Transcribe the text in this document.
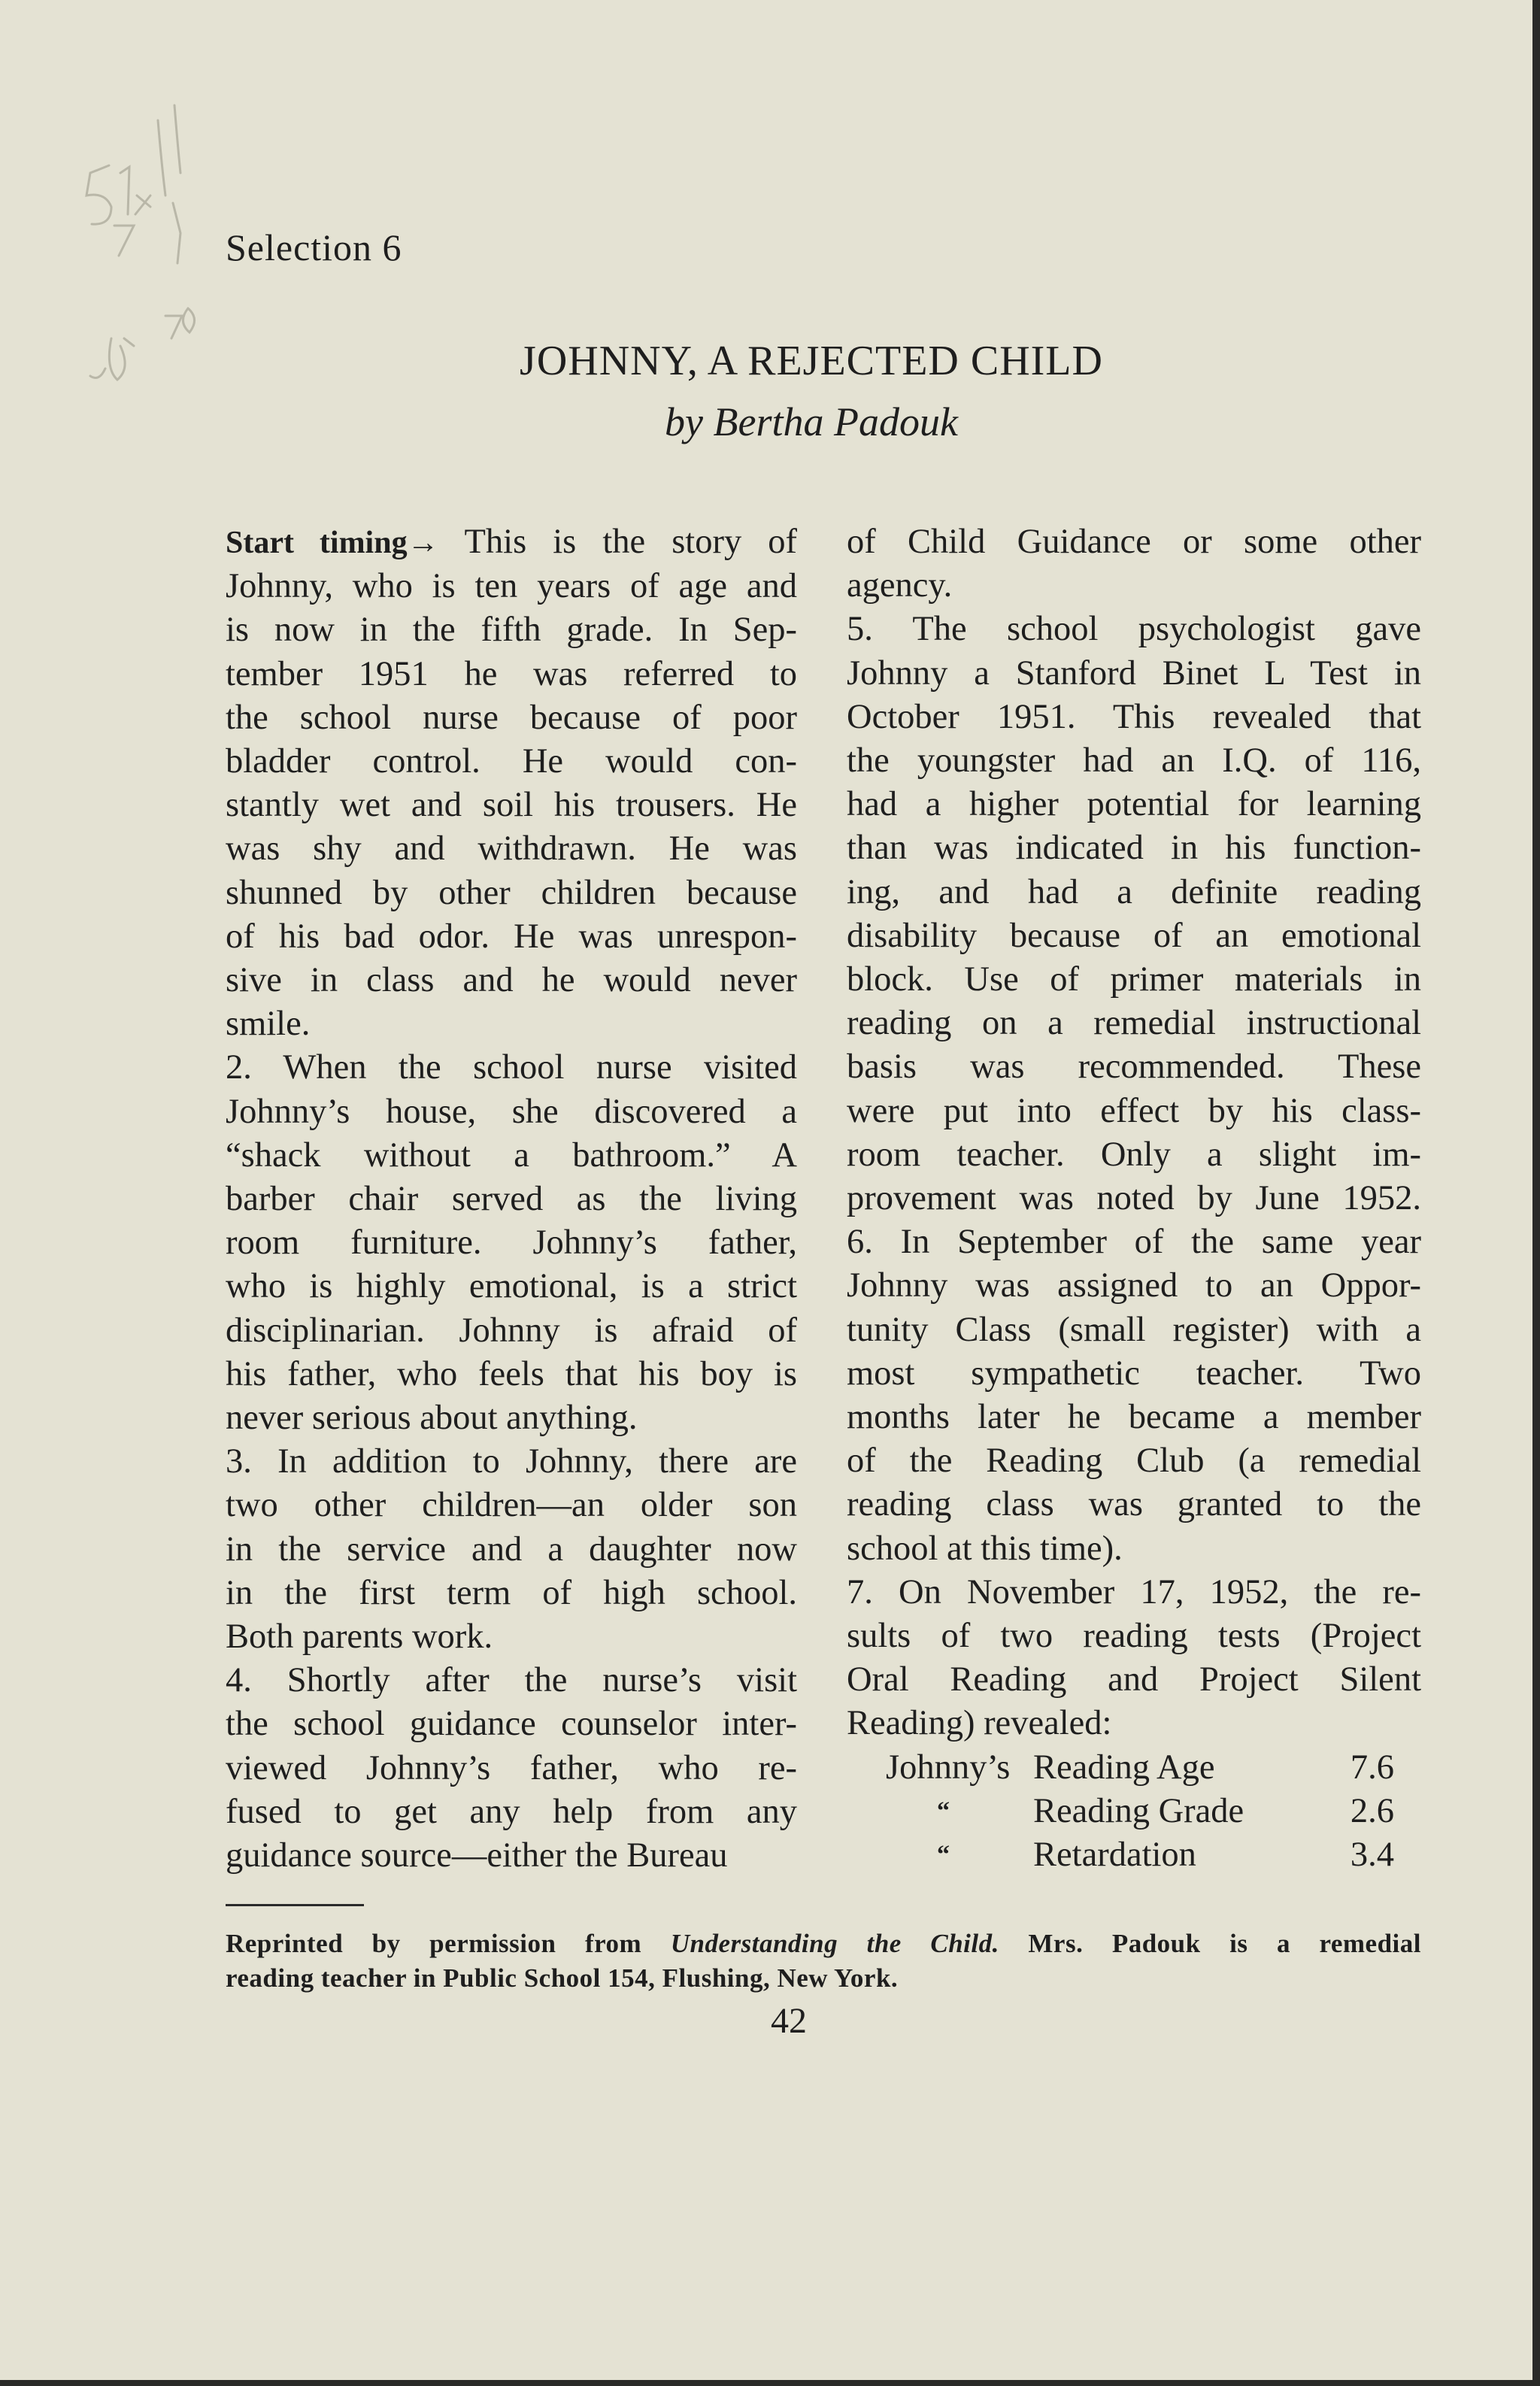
Selection 6
JOHNNY, A REJECTED CHILD
by Bertha Padouk

Start timing→ This is the story of

Johnny, who is ten years of age and

is now in the fifth grade. In Sep-

tember 1951 he was referred to

the school nurse because of poor

bladder control. He would con-

stantly wet and soil his trousers. He

was shy and withdrawn. He was

shunned by other children because

of his bad odor. He was unrespon-

sive in class and he would never

smile.

2. When the school nurse visited

Johnny’s house, she discovered a

“shack without a bathroom.” A

barber chair served as the living

room furniture. Johnny’s father,

who is highly emotional, is a strict

disciplinarian. Johnny is afraid of

his father, who feels that his boy is

never serious about anything.

3. In addition to Johnny, there are

two other children—an older son

in the service and a daughter now

in the first term of high school.

Both parents work.

4. Shortly after the nurse’s visit

the school guidance counselor inter-

viewed Johnny’s father, who re-

fused to get any help from any

guidance source—either the Bureau

of Child Guidance or some other

agency.

5. The school psychologist gave

Johnny a Stanford Binet L Test in

October 1951. This revealed that

the youngster had an I.Q. of 116,

had a higher potential for learning

than was indicated in his function-

ing, and had a definite reading

disability because of an emotional

block. Use of primer materials in

reading on a remedial instructional

basis was recommended. These

were put into effect by his class-

room teacher. Only a slight im-

provement was noted by June 1952.

6. In September of the same year

Johnny was assigned to an Oppor-

tunity Class (small register) with a

most sympathetic teacher. Two

months later he became a member

of the Reading Club (a remedial

reading class was granted to the

school at this time).

7. On November 17, 1952, the re-

sults of two reading tests (Project

Oral Reading and Project Silent

Reading) revealed:

Johnny’s Reading Age	7.6
“	Reading Grade	2.6
“	Retardation	3.4

Reprinted by permission from Understanding the Child. Mrs. Padouk is a remedial

reading teacher in Public School 154, Flushing, New York.

42
